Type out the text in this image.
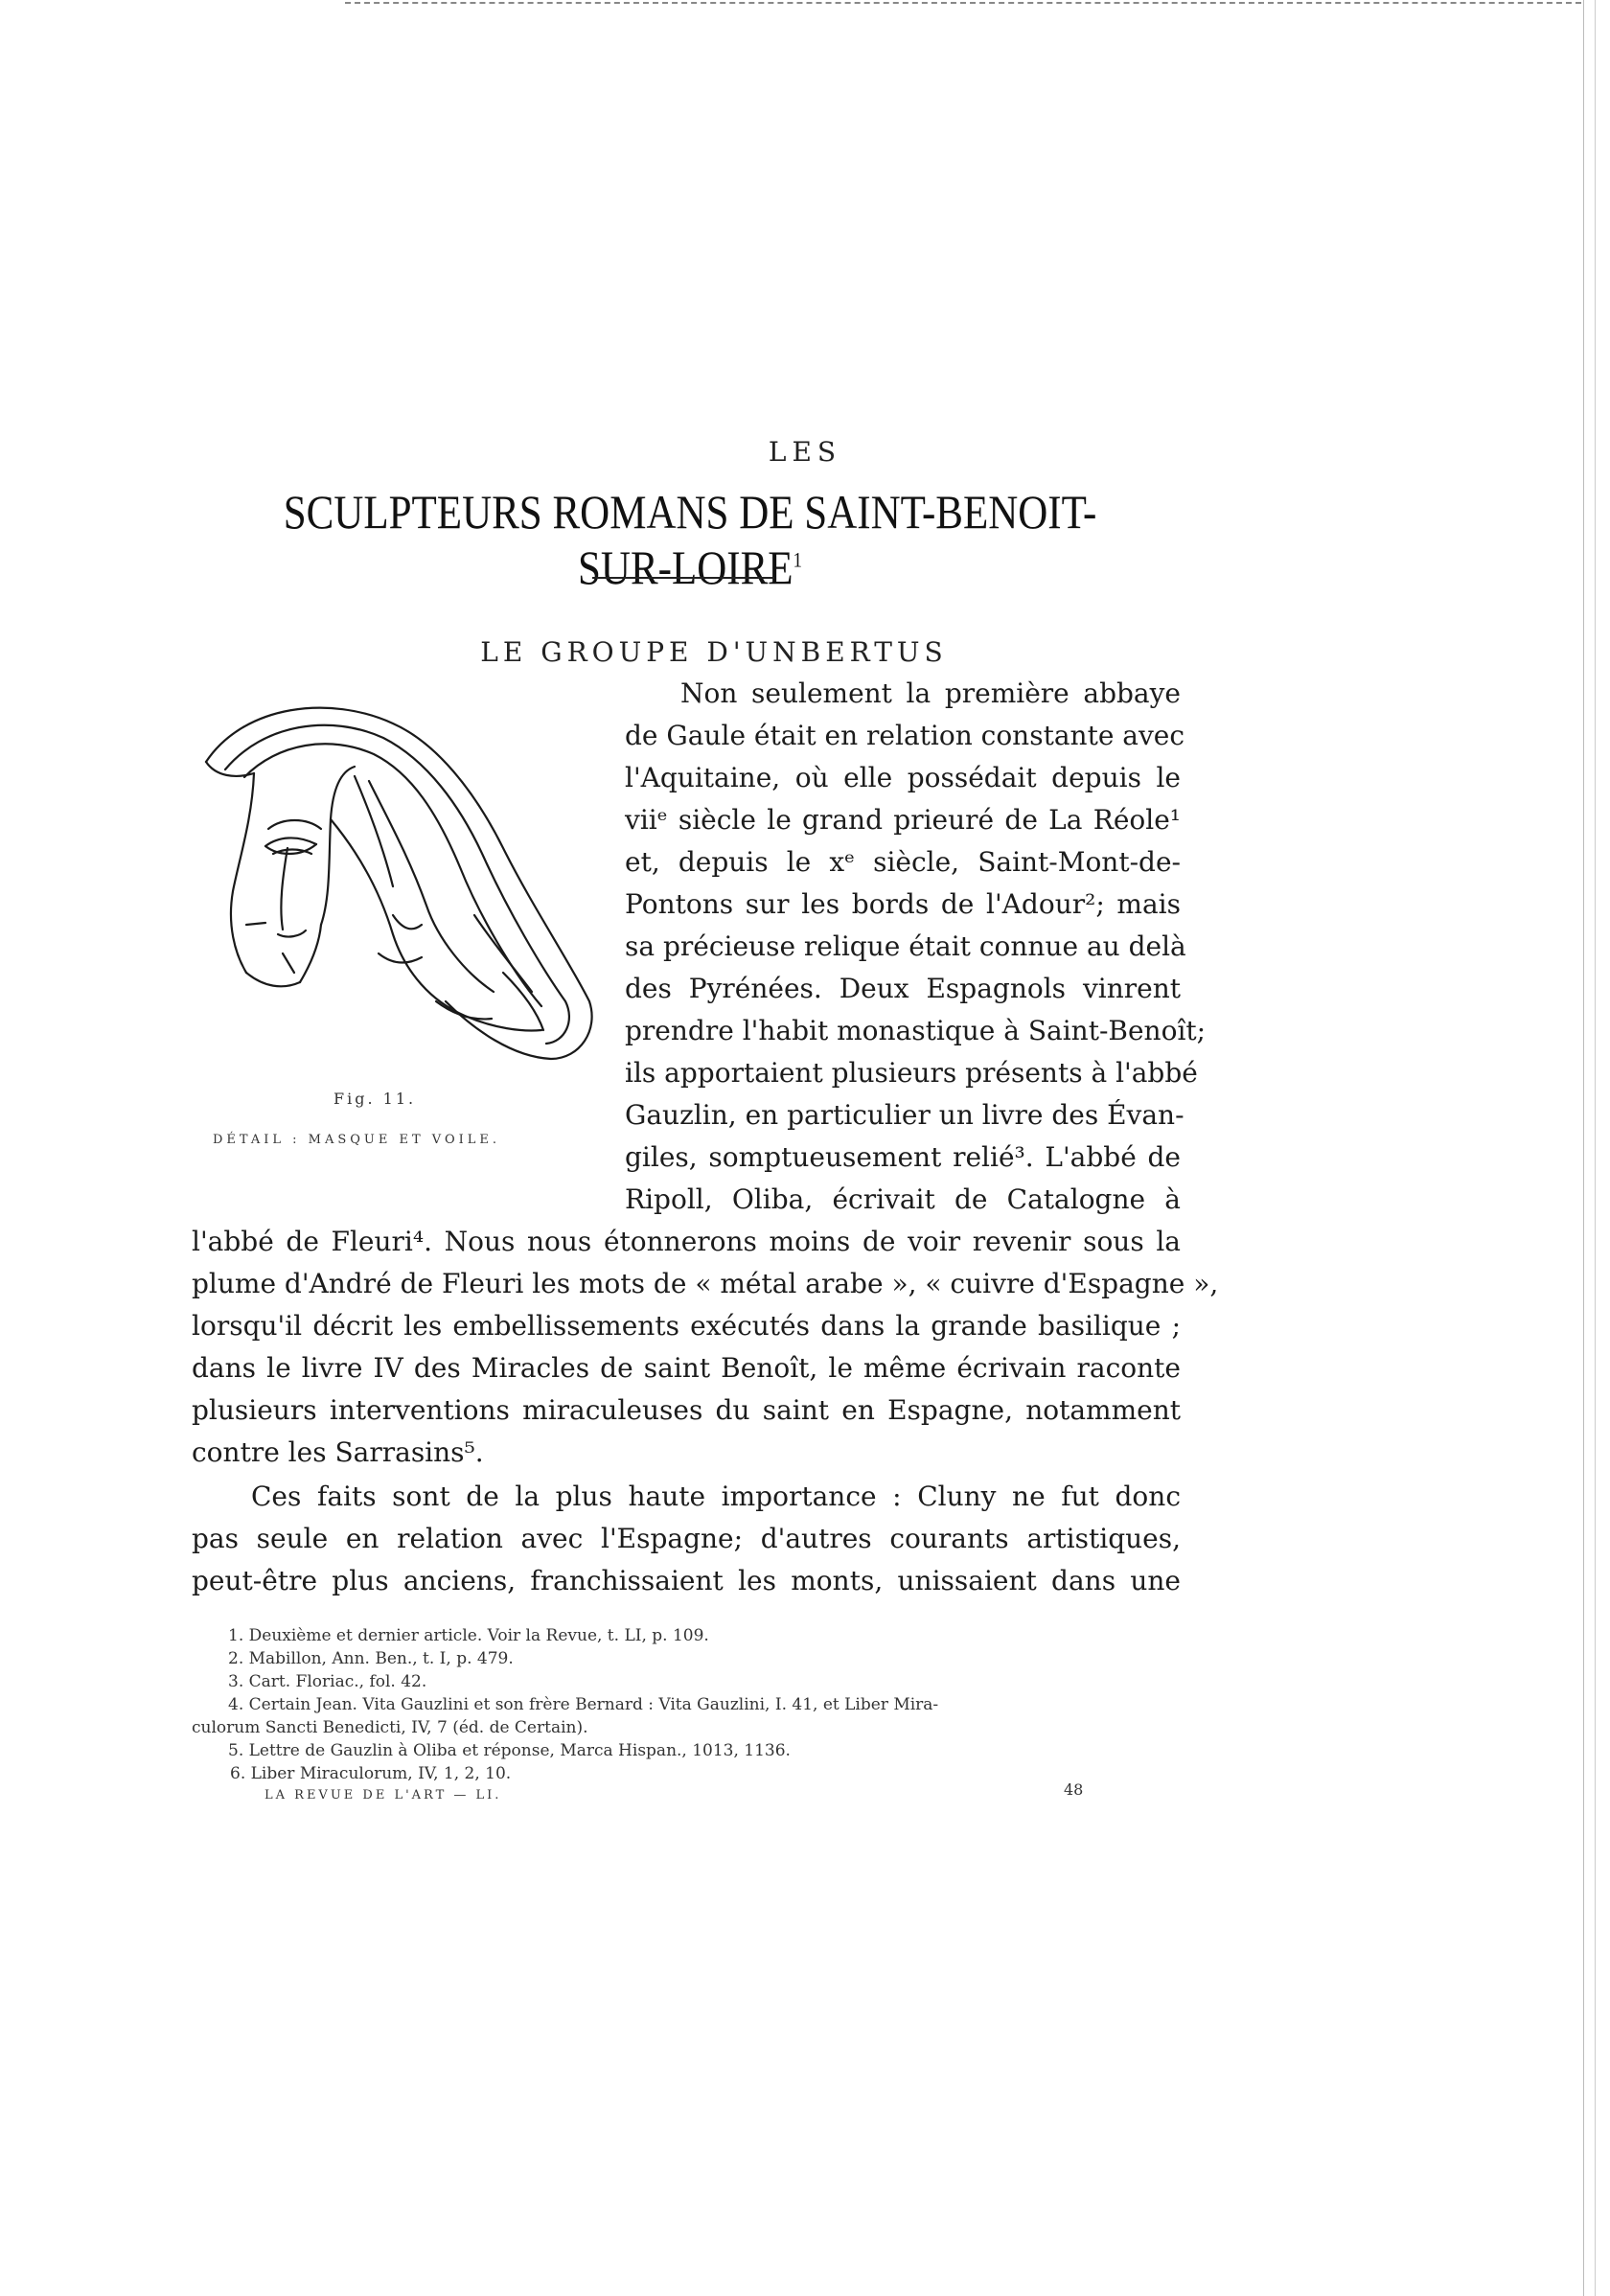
LES
SCULPTEURS ROMANS DE SAINT-BENOIT-SUR-LOIRE$^1$
LE GROUPE D'UNBERTUS
Fig. 11.
DÉTAIL : MASQUE ET VOILE.
Non seulement la première abbaye
de Gaule était en relation constante avec
l'Aquitaine, où elle possédait depuis le
viiᵉ siècle le grand prieuré de La Réole¹
et, depuis le xᵉ siècle, Saint-Mont-de-
Pontons sur les bords de l'Adour²; mais
sa précieuse relique était connue au delà
des Pyrénées. Deux Espagnols vinrent
prendre l'habit monastique à Saint-Benoît;
ils apportaient plusieurs présents à l'abbé
Gauzlin, en particulier un livre des Évan-
giles, somptueusement relié³. L'abbé de
Ripoll, Oliba, écrivait de Catalogne à
l'abbé de Fleuri⁴. Nous nous étonnerons moins de voir revenir sous la
plume d'André de Fleuri les mots de « métal arabe », « cuivre d'Espagne »,
lorsqu'il décrit les embellissements exécutés dans la grande basilique ;
dans le livre IV des Miracles de saint Benoît, le même écrivain raconte
plusieurs interventions miraculeuses du saint en Espagne, notamment
contre les Sarrasins⁵.
Ces faits sont de la plus haute importance : Cluny ne fut donc
pas seule en relation avec l'Espagne; d'autres courants artistiques,
peut-être plus anciens, franchissaient les monts, unissaient dans une
1. Deuxième et dernier article. Voir la Revue, t. LI, p. 109.
2. Mabillon, Ann. Ben., t. I, p. 479.
3. Cart. Floriac., fol. 42.
4. Certain Jean. Vita Gauzlini et son frère Bernard : Vita Gauzlini, I. 41, et Liber Mira-
culorum Sancti Benedicti, IV, 7 (éd. de Certain).
5. Lettre de Gauzlin à Oliba et réponse, Marca Hispan., 1013, 1136.
6. Liber Miraculorum, IV, 1, 2, 10.
LA REVUE DE L'ART — LI.	48
